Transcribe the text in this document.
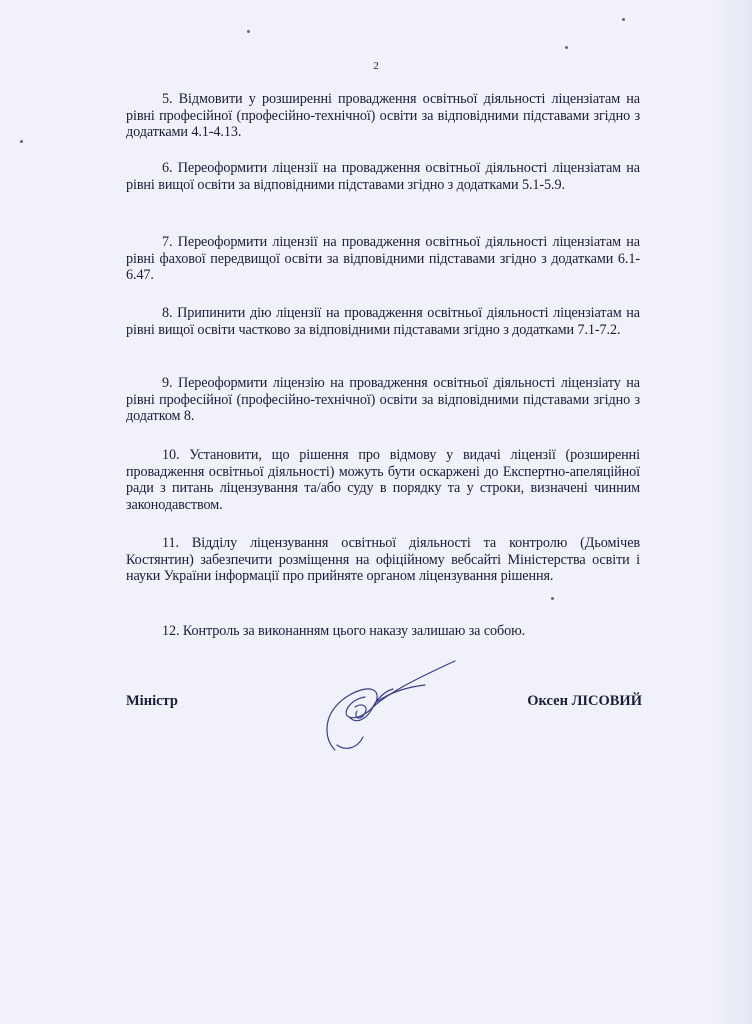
2

5. Відмовити у розширенні провадження освітньої діяльності ліцензіатам на рівні професійної (професійно-технічної) освіти за відповідними підставами згідно з додатками 4.1-4.13.

6. Переоформити ліцензії на провадження освітньої діяльності ліцензіатам на рівні вищої освіти за відповідними підставами згідно з додатками 5.1-5.9.

7. Переоформити ліцензії на провадження освітньої діяльності ліцензіатам на рівні фахової передвищої освіти за відповідними підставами згідно з додатками 6.1-6.47.

8. Припинити дію ліцензії на провадження освітньої діяльності ліцензіатам на рівні вищої освіти частково за відповідними підставами згідно з додатками 7.1-7.2.

9. Переоформити ліцензію на провадження освітньої діяльності ліцензіату на рівні професійної (професійно-технічної) освіти за відповідними підставами згідно з додатком 8.

10. Установити, що рішення про відмову у видачі ліцензії (розширенні провадження освітньої діяльності) можуть бути оскаржені до Експертно-апеляційної ради з питань ліцензування та/або суду в порядку та у строки, визначені чинним законодавством.

11. Відділу ліцензування освітньої діяльності та контролю (Дьомічев Костянтин) забезпечити розміщення на офіційному вебсайті Міністерства освіти і науки України інформації про прийняте органом ліцензування рішення.

12. Контроль за виконанням цього наказу залишаю за собою.

Міністр	Оксен ЛІСОВИЙ
